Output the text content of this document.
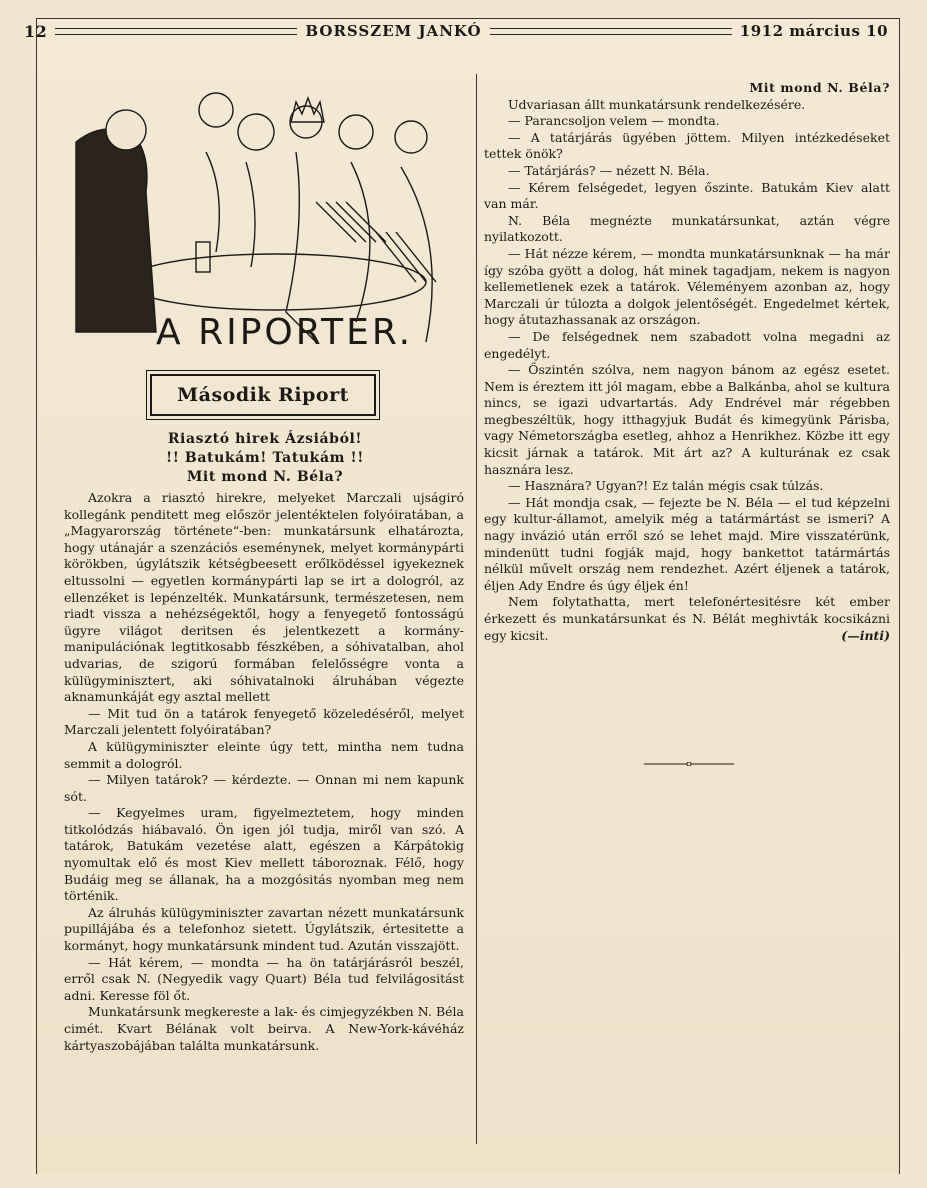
12	BORSSZEM JANKÓ	1912 március 10
A RIPORTER.
Második Riport
Riasztó hirek Ázsiából!
!! Batukám! Tatukám !!
Mit mond N. Béla?

Azokra a riasztó hirekre, melyeket Marczali ujságiró kollegánk penditett meg először jelentéktelen folyóiratában, a „Magyarország története“-ben: munkatársunk elhatározta, hogy utánajár a szenzációs eseménynek, melyet kormánypárti körökben, úgylátszik kétségbeesett erőlködéssel igyekeznek eltussolni — egyetlen kormánypárti lap se irt a dologról, az ellenzéket is lepénzelték. Munkatársunk, természetesen, nem riadt vissza a nehézségektől, hogy a fenyegető fontosságú ügyre világot deritsen és jelentkezett a kormány-manipulációnak legtitkosabb fészkében, a sóhivatalban, ahol udvarias, de szigorú formában felelősségre vonta a külügyminisztert, aki sóhivatalnoki álruhában végezte aknamunkáját egy asztal mellett

— Mit tud ön a tatárok fenyegető közeledéséről, melyet Marczali jelentett folyóiratában?

A külügyminiszter eleinte úgy tett, mintha nem tudna semmit a dologról.

— Milyen tatárok? — kérdezte. — Onnan mi nem kapunk sót.

— Kegyelmes uram, figyelmeztetem, hogy minden titkolódzás hiábavaló. Ön igen jól tudja, miről van szó. A tatárok, Batukám vezetése alatt, egészen a Kárpátokig nyomultak elő és most Kiev mellett táboroznak. Félő, hogy Budáig meg se állanak, ha a mozgósitás nyomban meg nem történik.

Az álruhás külügyminiszter zavartan nézett munkatársunk pupillájába és a telefonhoz sietett. Úgylátszik, értesitette a kormányt, hogy munkatársunk mindent tud. Azután visszajött.

— Hát kérem, — mondta — ha ön tatárjárásról beszél, erről csak N. (Negyedik vagy Quart) Béla tud felvilágositást adni. Keresse föl őt.

Munkatársunk megkereste a lak- és cimjegyzékben N. Béla cimét. Kvart Bélának volt beirva. A New-York-kávéház kártyaszobájában találta munkatársunk.

Mit mond N. Béla?

Udvariasan állt munkatársunk rendelkezésére.

— Parancsoljon velem — mondta.

— A tatárjárás ügyében jöttem. Milyen intézkedéseket tettek önök?

— Tatárjárás? — nézett N. Béla.

— Kérem felségedet, legyen őszinte. Batukám Kiev alatt van már.

N. Béla megnézte munkatársunkat, aztán végre nyilatkozott.

— Hát nézze kérem, — mondta munkatársunknak — ha már így szóba gyött a dolog, hát minek tagadjam, nekem is nagyon kellemetlenek ezek a tatárok. Véleményem azonban az, hogy Marczali úr túlozta a dolgok jelentőségét. Engedelmet kértek, hogy átutazhassanak az országon.

— De felségednek nem szabadott volna megadni az engedélyt.

— Őszintén szólva, nem nagyon bánom az egész esetet. Nem is éreztem itt jól magam, ebbe a Balkánba, ahol se kultura nincs, se igazi udvartartás. Ady Endrével már régebben megbeszéltük, hogy itthagyjuk Budát és kimegyünk Párisba, vagy Németországba esetleg, ahhoz a Henrikhez. Közbe itt egy kicsit járnak a tatárok. Mit árt az? A kulturának ez csak hasznára lesz.

— Hasznára? Ugyan?! Ez talán mégis csak túlzás.

— Hát mondja csak, — fejezte be N. Béla — el tud képzelni egy kultur-államot, amelyik még a tatármártást se ismeri? A nagy invázió után erről szó se lehet majd. Mire visszatérünk, mindenütt tudni fogják majd, hogy bankettot tatármártás nélkül művelt ország nem rendezhet. Azért éljenek a tatárok, éljen Ady Endre és úgy éljek én!

Nem folytathatta, mert telefonértesitésre két ember érkezett és munkatársunkat és N. Bélát meghivták kocsikázni egy kicsit.	(—inti)
